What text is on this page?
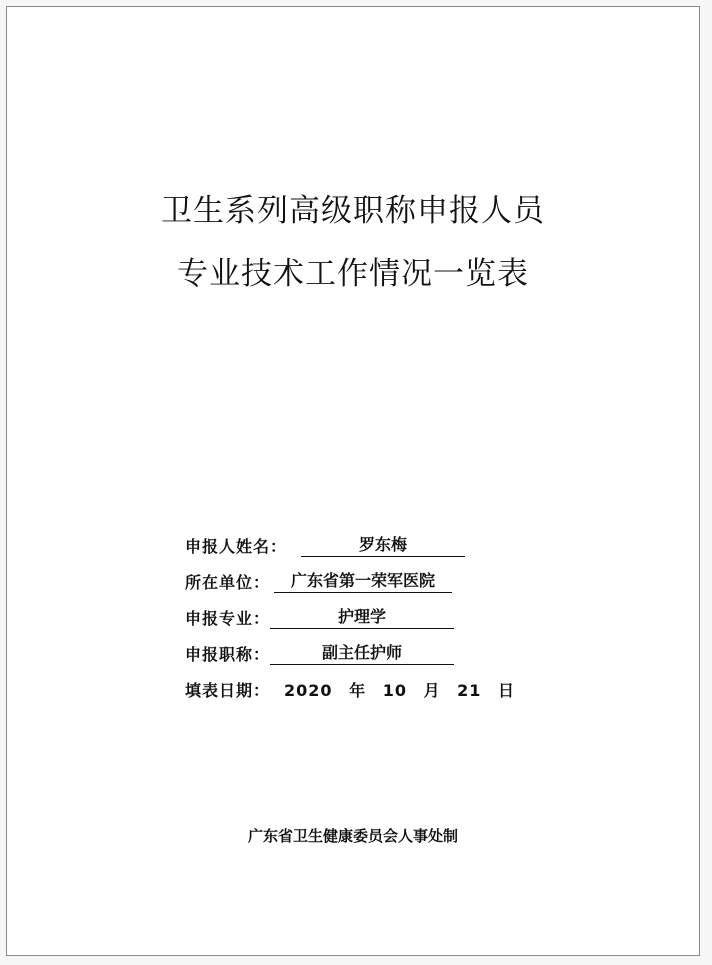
卫生系列高级职称申报人员
专业技术工作情况一览表
申报人姓名：	罗东梅
所在单位：	广东省第一荣军医院
申报专业：	护理学
申报职称：	副主任护师
填表日期： 2020 年 10 月 21 日
广东省卫生健康委员会人事处制
